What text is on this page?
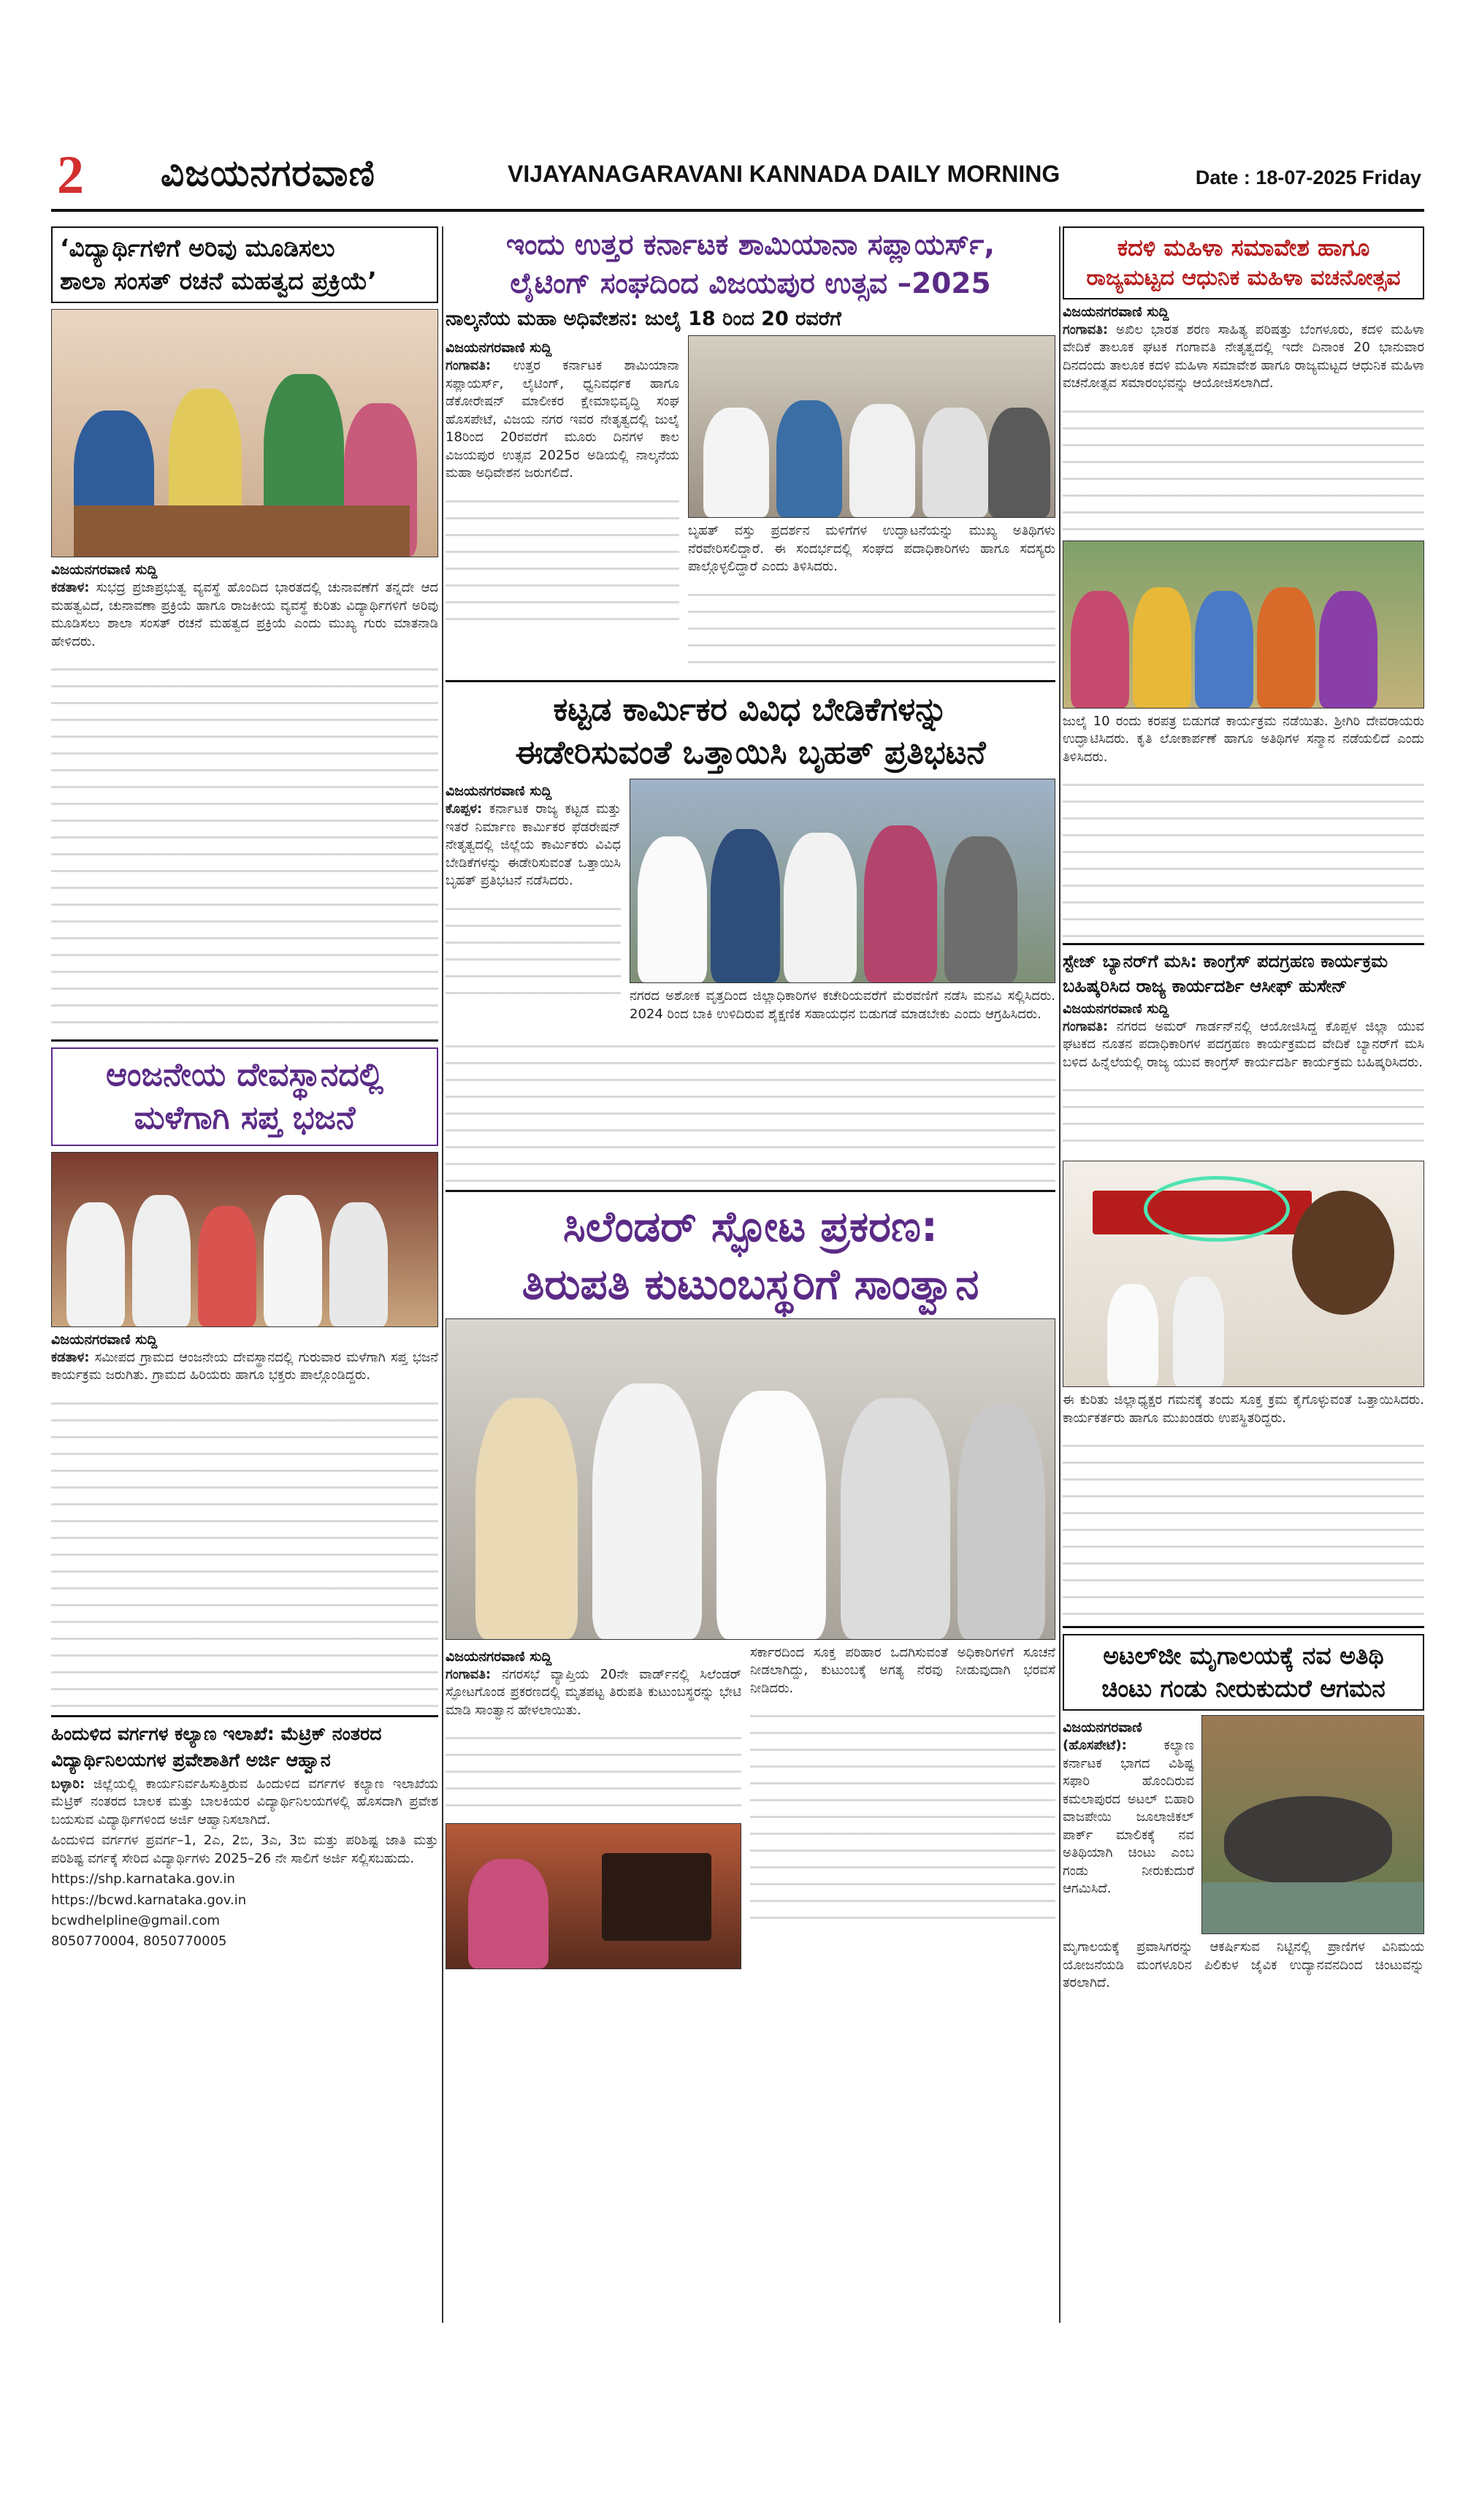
2 ವಿಜಯನಗರವಾಣಿ	VIJAYANAGARAVANI KANNADA DAILY MORNING	Date : 18-07-2025 Friday
‘ವಿದ್ಯಾರ್ಥಿಗಳಿಗೆ ಅರಿವು ಮೂಡಿಸಲು
ಶಾಲಾ ಸಂಸತ್ ರಚನೆ ಮಹತ್ವದ ಪ್ರಕ್ರಿಯೆ’
ವಿಜಯನಗರವಾಣಿ ಸುದ್ದಿ

ಕಡತಾಳ: ಸುಭದ್ರ ಪ್ರಜಾಪ್ರಭುತ್ವ ವ್ಯವಸ್ಥೆ ಹೊಂದಿದ ಭಾರತದಲ್ಲಿ ಚುನಾವಣೆಗೆ ತನ್ನದೇ ಆದ ಮಹತ್ವವಿದೆ, ಚುನಾವಣಾ ಪ್ರಕ್ರಿಯೆ ಹಾಗೂ ರಾಜಕೀಯ ವ್ಯವಸ್ಥೆ ಕುರಿತು ವಿದ್ಯಾರ್ಥಿಗಳಿಗೆ ಅರಿವು ಮೂಡಿಸಲು ಶಾಲಾ ಸಂಸತ್ ರಚನೆ ಮಹತ್ವದ ಪ್ರಕ್ರಿಯೆ ಎಂದು ಮುಖ್ಯ ಗುರು ಮಾತನಾಡಿ ಹೇಳಿದರು.

ಆಂಜನೇಯ ದೇವಸ್ಥಾನದಲ್ಲಿ
ಮಳೆಗಾಗಿ ಸಪ್ತ ಭಜನೆ
ವಿಜಯನಗರವಾಣಿ ಸುದ್ದಿ

ಕಡತಾಳ: ಸಮೀಪದ ಗ್ರಾಮದ ಆಂಜನೇಯ ದೇವಸ್ಥಾನದಲ್ಲಿ ಗುರುವಾರ ಮಳೆಗಾಗಿ ಸಪ್ತ ಭಜನೆ ಕಾರ್ಯಕ್ರಮ ಜರುಗಿತು. ಗ್ರಾಮದ ಹಿರಿಯರು ಹಾಗೂ ಭಕ್ತರು ಪಾಲ್ಗೊಂಡಿದ್ದರು.

ಹಿಂದುಳಿದ ವರ್ಗಗಳ ಕಲ್ಯಾಣ ಇಲಾಖೆ: ಮೆಟ್ರಿಕ್ ನಂತರದ
ವಿದ್ಯಾರ್ಥಿನಿಲಯಗಳ ಪ್ರವೇಶಾತಿಗೆ ಅರ್ಜಿ ಆಹ್ವಾನ

ಬಳ್ಳಾರಿ: ಜಿಲ್ಲೆಯಲ್ಲಿ ಕಾರ್ಯನಿರ್ವಹಿಸುತ್ತಿರುವ ಹಿಂದುಳಿದ ವರ್ಗಗಳ ಕಲ್ಯಾಣ ಇಲಾಖೆಯ ಮೆಟ್ರಿಕ್ ನಂತರದ ಬಾಲಕ ಮತ್ತು ಬಾಲಕಿಯರ ವಿದ್ಯಾರ್ಥಿನಿಲಯಗಳಲ್ಲಿ ಹೊಸದಾಗಿ ಪ್ರವೇಶ ಬಯಸುವ ವಿದ್ಯಾರ್ಥಿಗಳಿಂದ ಅರ್ಜಿ ಆಹ್ವಾನಿಸಲಾಗಿದೆ.

ಹಿಂದುಳಿದ ವರ್ಗಗಳ ಪ್ರವರ್ಗ–1, 2ಎ, 2ಬಿ, 3ಎ, 3ಬಿ ಮತ್ತು ಪರಿಶಿಷ್ಟ ಜಾತಿ ಮತ್ತು ಪರಿಶಿಷ್ಟ ವರ್ಗಕ್ಕೆ ಸೇರಿದ ವಿದ್ಯಾರ್ಥಿಗಳು 2025–26 ನೇ ಸಾಲಿಗೆ ಅರ್ಜಿ ಸಲ್ಲಿಸಬಹುದು.

https://shp.karnataka.gov.in

https://bcwd.karnataka.gov.in

bcwdhelpline@gmail.com

8050770004, 8050770005

ಇಂದು ಉತ್ತರ ಕರ್ನಾಟಕ ಶಾಮಿಯಾನಾ ಸಪ್ಲಾಯರ್ಸ್,
ಲೈಟಿಂಗ್ ಸಂಘದಿಂದ ವಿಜಯಪುರ ಉತ್ಸವ –2025
ನಾಲ್ಕನೆಯ ಮಹಾ ಅಧಿವೇಶನ: ಜುಲೈ 18 ರಿಂದ 20 ರವರೆಗೆ
ವಿಜಯನಗರವಾಣಿ ಸುದ್ದಿ

ಗಂಗಾವತಿ: ಉತ್ತರ ಕರ್ನಾಟಕ ಶಾಮಿಯಾನಾ ಸಪ್ಲಾಯರ್ಸ್, ಲೈಟಿಂಗ್, ಧ್ವನಿವರ್ಧಕ ಹಾಗೂ ಡೆಕೋರೇಷನ್ ಮಾಲೀಕರ ಕ್ಷೇಮಾಭಿವೃದ್ಧಿ ಸಂಘ ಹೊಸಪೇಟೆ, ವಿಜಯ ನಗರ ಇವರ ನೇತೃತ್ವದಲ್ಲಿ ಜುಲೈ 18ರಿಂದ 20ರವರೆಗೆ ಮೂರು ದಿನಗಳ ಕಾಲ ವಿಜಯಪುರ ಉತ್ಸವ 2025ರ ಅಡಿಯಲ್ಲಿ ನಾಲ್ಕನೆಯ ಮಹಾ ಅಧಿವೇಶನ ಜರುಗಲಿದೆ.

ಬೃಹತ್ ವಸ್ತು ಪ್ರದರ್ಶನ ಮಳಿಗೆಗಳ ಉದ್ಘಾಟನೆಯನ್ನು ಮುಖ್ಯ ಅತಿಥಿಗಳು ನೆರವೇರಿಸಲಿದ್ದಾರೆ. ಈ ಸಂದರ್ಭದಲ್ಲಿ ಸಂಘದ ಪದಾಧಿಕಾರಿಗಳು ಹಾಗೂ ಸದಸ್ಯರು ಪಾಲ್ಗೊಳ್ಳಲಿದ್ದಾರೆ ಎಂದು ತಿಳಿಸಿದರು.

ಕಟ್ಟಡ ಕಾರ್ಮಿಕರ ವಿವಿಧ ಬೇಡಿಕೆಗಳನ್ನು
ಈಡೇರಿಸುವಂತೆ ಒತ್ತಾಯಿಸಿ ಬೃಹತ್ ಪ್ರತಿಭಟನೆ
ವಿಜಯನಗರವಾಣಿ ಸುದ್ದಿ

ಕೊಪ್ಪಳ: ಕರ್ನಾಟಕ ರಾಜ್ಯ ಕಟ್ಟಡ ಮತ್ತು ಇತರೆ ನಿರ್ಮಾಣ ಕಾರ್ಮಿಕರ ಫೆಡರೇಷನ್ ನೇತೃತ್ವದಲ್ಲಿ ಜಿಲ್ಲೆಯ ಕಾರ್ಮಿಕರು ವಿವಿಧ ಬೇಡಿಕೆಗಳನ್ನು ಈಡೇರಿಸುವಂತೆ ಒತ್ತಾಯಿಸಿ ಬೃಹತ್ ಪ್ರತಿಭಟನೆ ನಡೆಸಿದರು.

ನಗರದ ಅಶೋಕ ವೃತ್ತದಿಂದ ಜಿಲ್ಲಾಧಿಕಾರಿಗಳ ಕಚೇರಿಯವರೆಗೆ ಮೆರವಣಿಗೆ ನಡೆಸಿ ಮನವಿ ಸಲ್ಲಿಸಿದರು. 2024 ರಿಂದ ಬಾಕಿ ಉಳಿದಿರುವ ಶೈಕ್ಷಣಿಕ ಸಹಾಯಧನ ಬಿಡುಗಡೆ ಮಾಡಬೇಕು ಎಂದು ಆಗ್ರಹಿಸಿದರು.

ಸಿಲೆಂಡರ್ ಸ್ಫೋಟ ಪ್ರಕರಣ:
ತಿರುಪತಿ ಕುಟುಂಬಸ್ಥರಿಗೆ ಸಾಂತ್ವಾನ
ವಿಜಯನಗರವಾಣಿ ಸುದ್ದಿ

ಗಂಗಾವತಿ: ನಗರಸಭೆ ವ್ಯಾಪ್ತಿಯ 20ನೇ ವಾರ್ಡ್‌ನಲ್ಲಿ ಸಿಲೆಂಡರ್ ಸ್ಫೋಟಗೊಂಡ ಪ್ರಕರಣದಲ್ಲಿ ಮೃತಪಟ್ಟ ತಿರುಪತಿ ಕುಟುಂಬಸ್ಥರನ್ನು ಭೇಟಿ ಮಾಡಿ ಸಾಂತ್ವಾನ ಹೇಳಲಾಯಿತು.

ಸರ್ಕಾರದಿಂದ ಸೂಕ್ತ ಪರಿಹಾರ ಒದಗಿಸುವಂತೆ ಅಧಿಕಾರಿಗಳಿಗೆ ಸೂಚನೆ ನೀಡಲಾಗಿದ್ದು, ಕುಟುಂಬಕ್ಕೆ ಅಗತ್ಯ ನೆರವು ನೀಡುವುದಾಗಿ ಭರವಸೆ ನೀಡಿದರು.

ಕದಳಿ ಮಹಿಳಾ ಸಮಾವೇಶ ಹಾಗೂ
ರಾಜ್ಯಮಟ್ಟದ ಆಧುನಿಕ ಮಹಿಳಾ ವಚನೋತ್ಸವ
ವಿಜಯನಗರವಾಣಿ ಸುದ್ದಿ

ಗಂಗಾವತಿ: ಅಖಿಲ ಭಾರತ ಶರಣ ಸಾಹಿತ್ಯ ಪರಿಷತ್ತು ಬೆಂಗಳೂರು, ಕದಳಿ ಮಹಿಳಾ ವೇದಿಕೆ ತಾಲೂಕ ಘಟಕ ಗಂಗಾವತಿ ನೇತೃತ್ವದಲ್ಲಿ ಇದೇ ದಿನಾಂಕ 20 ಭಾನುವಾರ ದಿನದಂದು ತಾಲೂಕ ಕದಳಿ ಮಹಿಳಾ ಸಮಾವೇಶ ಹಾಗೂ ರಾಜ್ಯಮಟ್ಟದ ಆಧುನಿಕ ಮಹಿಳಾ ವಚನೋತ್ಸವ ಸಮಾರಂಭವನ್ನು ಆಯೋಜಿಸಲಾಗಿದೆ.

ಜುಲೈ 10 ರಂದು ಕರಪತ್ರ ಬಿಡುಗಡೆ ಕಾರ್ಯಕ್ರಮ ನಡೆಯಿತು. ಶ್ರೀಗಿರಿ ದೇವರಾಯರು ಉದ್ಘಾಟಿಸಿದರು. ಕೃತಿ ಲೋಕಾರ್ಪಣೆ ಹಾಗೂ ಅತಿಥಿಗಳ ಸನ್ಮಾನ ನಡೆಯಲಿದೆ ಎಂದು ತಿಳಿಸಿದರು.

ಸ್ಟೇಜ್ ಬ್ಯಾನರ್‌ಗೆ ಮಸಿ: ಕಾಂಗ್ರೆಸ್ ಪದಗ್ರಹಣ ಕಾರ್ಯಕ್ರಮ
ಬಹಿಷ್ಕರಿಸಿದ ರಾಜ್ಯ ಕಾರ್ಯದರ್ಶಿ ಆಸೀಫ್ ಹುಸೇನ್
ವಿಜಯನಗರವಾಣಿ ಸುದ್ದಿ

ಗಂಗಾವತಿ: ನಗರದ ಅಮರ್ ಗಾರ್ಡನ್‌ನಲ್ಲಿ ಆಯೋಜಿಸಿದ್ದ ಕೊಪ್ಪಳ ಜಿಲ್ಲಾ ಯುವ ಘಟಕದ ನೂತನ ಪದಾಧಿಕಾರಿಗಳ ಪದಗ್ರಹಣ ಕಾರ್ಯಕ್ರಮದ ವೇದಿಕೆ ಬ್ಯಾನರ್‌ಗೆ ಮಸಿ ಬಳಿದ ಹಿನ್ನೆಲೆಯಲ್ಲಿ ರಾಜ್ಯ ಯುವ ಕಾಂಗ್ರೆಸ್ ಕಾರ್ಯದರ್ಶಿ ಕಾರ್ಯಕ್ರಮ ಬಹಿಷ್ಕರಿಸಿದರು.

ಈ ಕುರಿತು ಜಿಲ್ಲಾಧ್ಯಕ್ಷರ ಗಮನಕ್ಕೆ ತಂದು ಸೂಕ್ತ ಕ್ರಮ ಕೈಗೊಳ್ಳುವಂತೆ ಒತ್ತಾಯಿಸಿದರು. ಕಾರ್ಯಕರ್ತರು ಹಾಗೂ ಮುಖಂಡರು ಉಪಸ್ಥಿತರಿದ್ದರು.

ಅಟಲ್‌ಜೀ ಮೃಗಾಲಯಕ್ಕೆ ನವ ಅತಿಥಿ
ಚಿಂಟು ಗಂಡು ನೀರುಕುದುರೆ ಆಗಮನ
ವಿಜಯನಗರವಾಣಿ

(ಹೊಸಪೇಟೆ):	ಕಲ್ಯಾಣ ಕರ್ನಾಟಕ ಭಾಗದ ವಿಶಿಷ್ಟ ಸಫಾರಿ ಹೊಂದಿರುವ ಕಮಲಾಪುರದ ಅಟಲ್ ಬಿಹಾರಿ ವಾಜಪೇಯಿ ಜೂಲಾಜಿಕಲ್ ಪಾರ್ಕ್ ಮಾಲಿಕಕ್ಕೆ ನವ ಅತಿಥಿಯಾಗಿ ಚಿಂಟು ಎಂಬ ಗಂಡು ನೀರುಕುದುರೆ ಆಗಮಿಸಿದೆ.

ಮೃಗಾಲಯಕ್ಕೆ ಪ್ರವಾಸಿಗರನ್ನು ಆಕರ್ಷಿಸುವ ನಿಟ್ಟಿನಲ್ಲಿ ಪ್ರಾಣಿಗಳ ವಿನಿಮಯ ಯೋಜನೆಯಡಿ ಮಂಗಳೂರಿನ ಪಿಲಿಕುಳ ಜೈವಿಕ ಉದ್ಯಾನವನದಿಂದ ಚಿಂಟುವನ್ನು ತರಲಾಗಿದೆ.
